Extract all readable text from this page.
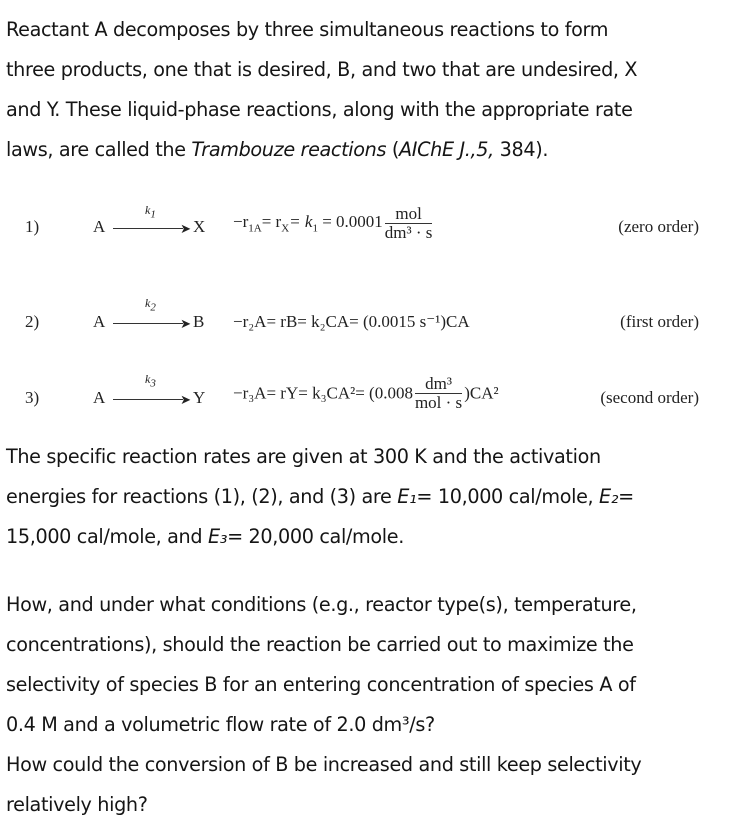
Reactant A decomposes by three simultaneous reactions to form
three products, one that is desired, B, and two that are undesired, X
and Y. These liquid-phase reactions, along with the appropriate rate
laws, are called the Trambouze reactions (AIChE J.,5, 384).
1)	A
$k_1$
➤ $X -r_{1A}= r_X= k_1 = 0.0001 \frac{\text{mol}}{\text{dm³ · s}}$	(zero order)
2)	A
$k_2$
➤ B −r₂A= rB= k₂CA= (0.0015 s⁻¹)CA	(first order)
3)	A
$k_3$
➤ $Y -r_3A= rY= k_3CA^2= (0.008 \frac{\text{dm³}}{\text{mol · s}} )CA^2$	(second order)
The specific reaction rates are given at 300 K and the activation
energies for reactions (1), (2), and (3) are E₁= 10,000 cal/mole, E₂=
15,000 cal/mole, and E₃= 20,000 cal/mole.
How, and under what conditions (e.g., reactor type(s), temperature,
concentrations), should the reaction be carried out to maximize the
selectivity of species B for an entering concentration of species A of
0.4 M and a volumetric flow rate of 2.0 dm³/s?
How could the conversion of B be increased and still keep selectivity
relatively high?
